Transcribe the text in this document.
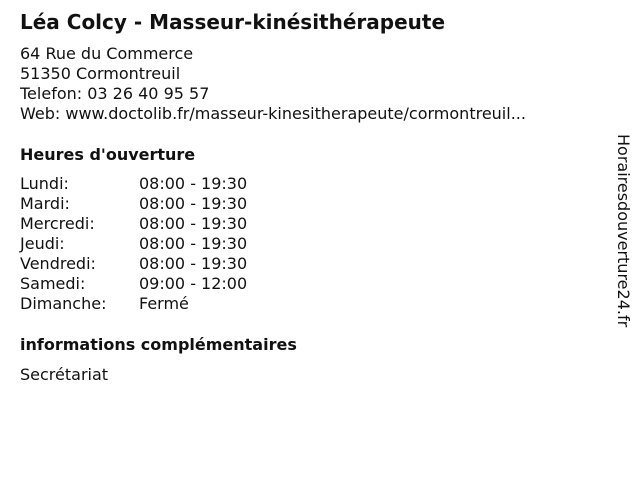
Léa Colcy - Masseur-kinésithérapeute
64 Rue du Commerce
51350 Cormontreuil
Telefon: 03 26 40 95 57
Web: www.doctolib.fr/masseur-kinesitherapeute/cormontreuil...
Heures d'ouverture
Lundi:	08:00 - 19:30
Mardi:	08:00 - 19:30
Mercredi:	08:00 - 19:30
Jeudi:	08:00 - 19:30
Vendredi:	08:00 - 19:30
Samedi:	09:00 - 12:00
Dimanche:	Fermé
informations complémentaires
Secrétariat
Horairesdouverture24.fr
